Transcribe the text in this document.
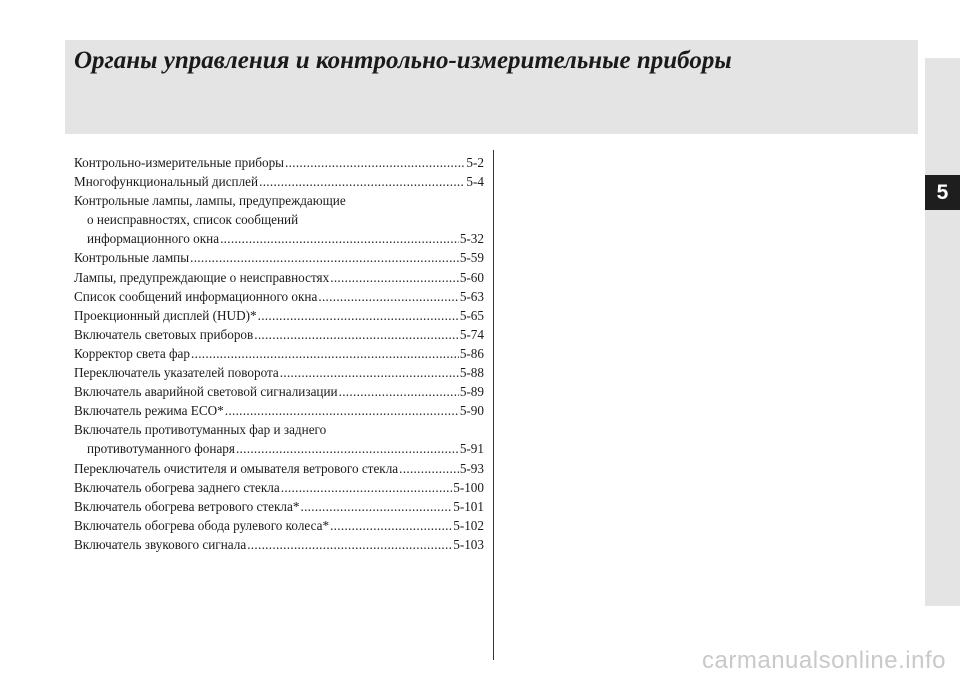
Органы управления и контрольно-измерительные приборы
5
Контрольно-измерительные приборы .....	5-2
Многофункциональный дисплей .....	5-4
Контрольные лампы, лампы, предупреждающие
о неисправностях, список сообщений
информационного окна .....	5-32
Контрольные лампы .....	5-59
Лампы, предупреждающие о неисправностях .....	5-60
Список сообщений информационного окна .....	5-63
Проекционный дисплей (HUD)* .....	5-65
Включатель световых приборов .....	5-74
Корректор света фар .....	5-86
Переключатель указателей поворота .....	5-88
Включатель аварийной световой сигнализации .....	5-89
Включатель режима ECO* .....	5-90
Включатель противотуманных фар и заднего
противотуманного фонаря .....	5-91
Переключатель очистителя и омывателя ветрового стекла .....	5-93
Включатель обогрева заднего стекла .....	5-100
Включатель обогрева ветрового стекла* .....	5-101
Включатель обогрева обода рулевого колеса* .....	5-102
Включатель звукового сигнала .....	5-103
carmanualsonline.info
